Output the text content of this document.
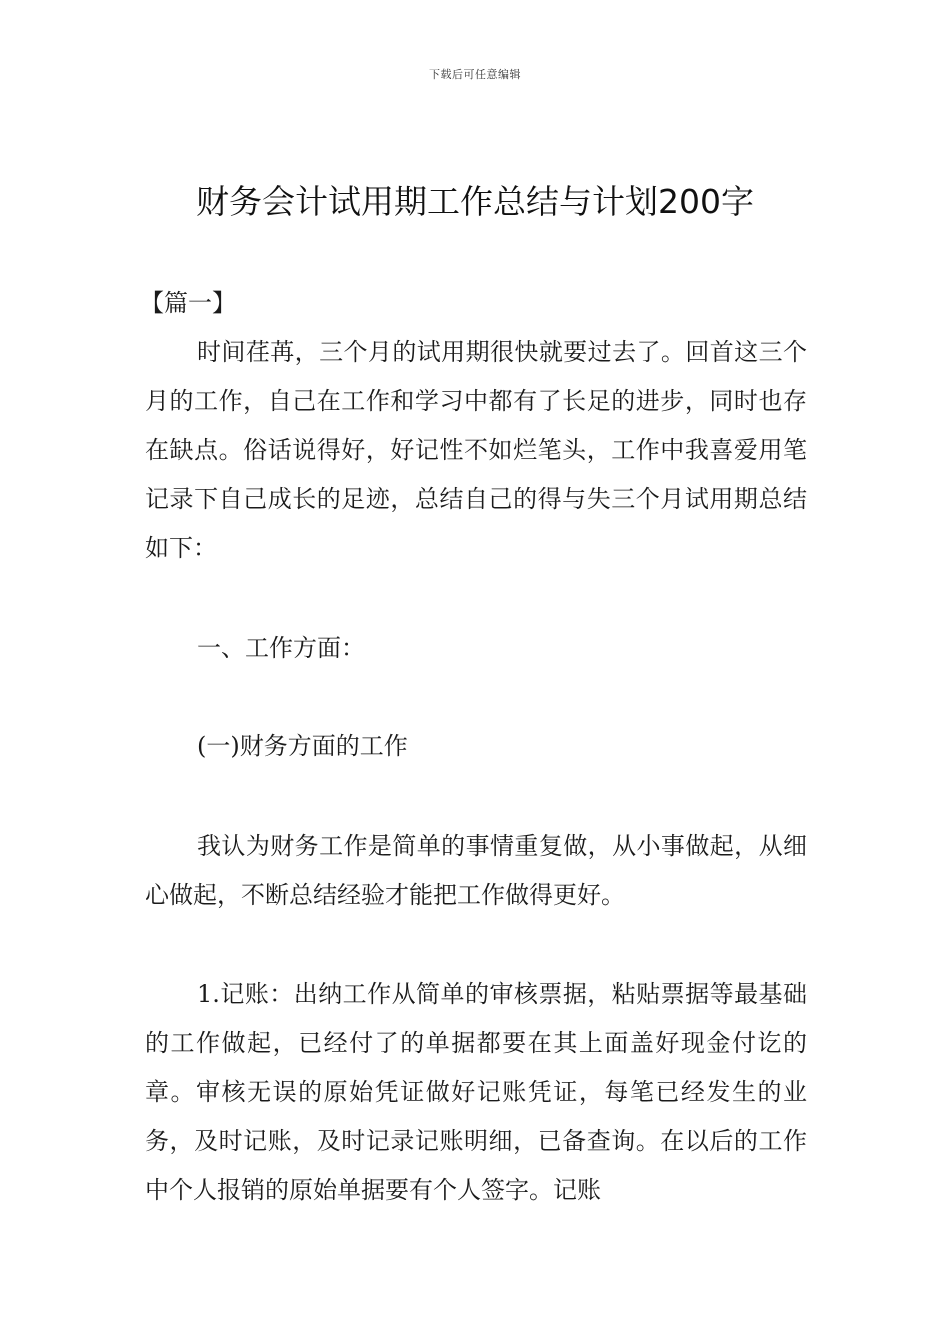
下载后可任意编辑
财务会计试用期工作总结与计划200字
【篇一】

时间荏苒，三个月的试用期很快就要过去了。回首这三个月的工作，自己在工作和学习中都有了长足的进步，同时也存在缺点。俗话说得好，好记性不如烂笔头，工作中我喜爱用笔记录下自己成长的足迹，总结自己的得与失三个月试用期总结如下：

一、工作方面：

(一)财务方面的工作

我认为财务工作是简单的事情重复做，从小事做起，从细心做起，不断总结经验才能把工作做得更好。

1.记账：出纳工作从简单的审核票据，粘贴票据等最基础的工作做起，已经付了的单据都要在其上面盖好现金付讫的章。审核无误的原始凭证做好记账凭证，每笔已经发生的业务，及时记账，及时记录记账明细，已备查询。在以后的工作中个人报销的原始单据要有个人签字。记账
